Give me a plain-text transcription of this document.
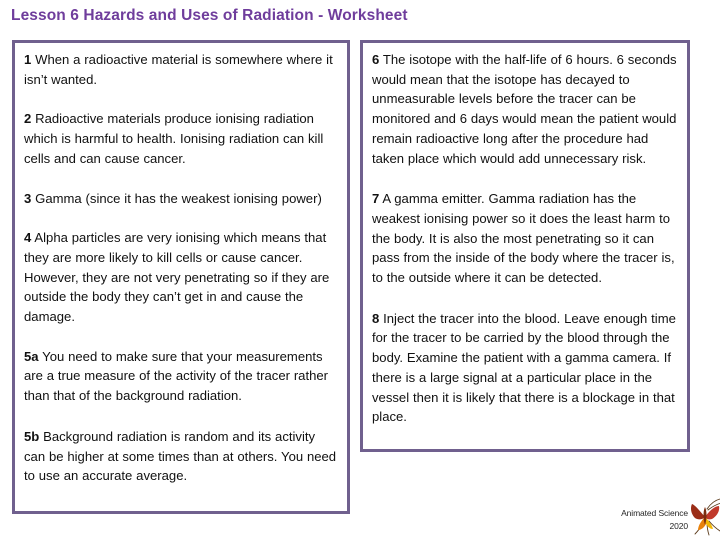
Lesson 6 Hazards and Uses of Radiation - Worksheet

1 When a radioactive material is somewhere where it isn’t wanted.

2 Radioactive materials produce ionising radiation which is harmful to health. Ionising radiation can kill cells and can cause cancer.

3 Gamma (since it has the weakest ionising power)

4 Alpha particles are very ionising which means that they are more likely to kill cells or cause cancer. However, they are not very penetrating so if they are outside the body they can’t get in and cause the damage.

5a You need to make sure that your measurements are a true measure of the activity of the tracer rather than that of the background radiation.

5b Background radiation is random and its activity can be higher at some times than at others. You need to use an accurate average.

6 The isotope with the half-life of 6 hours. 6 seconds would mean that the isotope has decayed to unmeasurable levels before the tracer can be monitored and 6 days would mean the patient would remain radioactive long after the procedure had taken place which would add unnecessary risk.

7 A gamma emitter. Gamma radiation has the weakest ionising power so it does the least harm to the body. It is also the most penetrating so it can pass from the inside of the body where the tracer is, to the outside where it can be detected.

8 Inject the tracer into the blood. Leave enough time for the tracer to be carried by the blood through the body. Examine the patient with a gamma camera. If there is a large signal at a particular place in the vessel then it is likely that there is a blockage in that place.

Animated Science
2020
